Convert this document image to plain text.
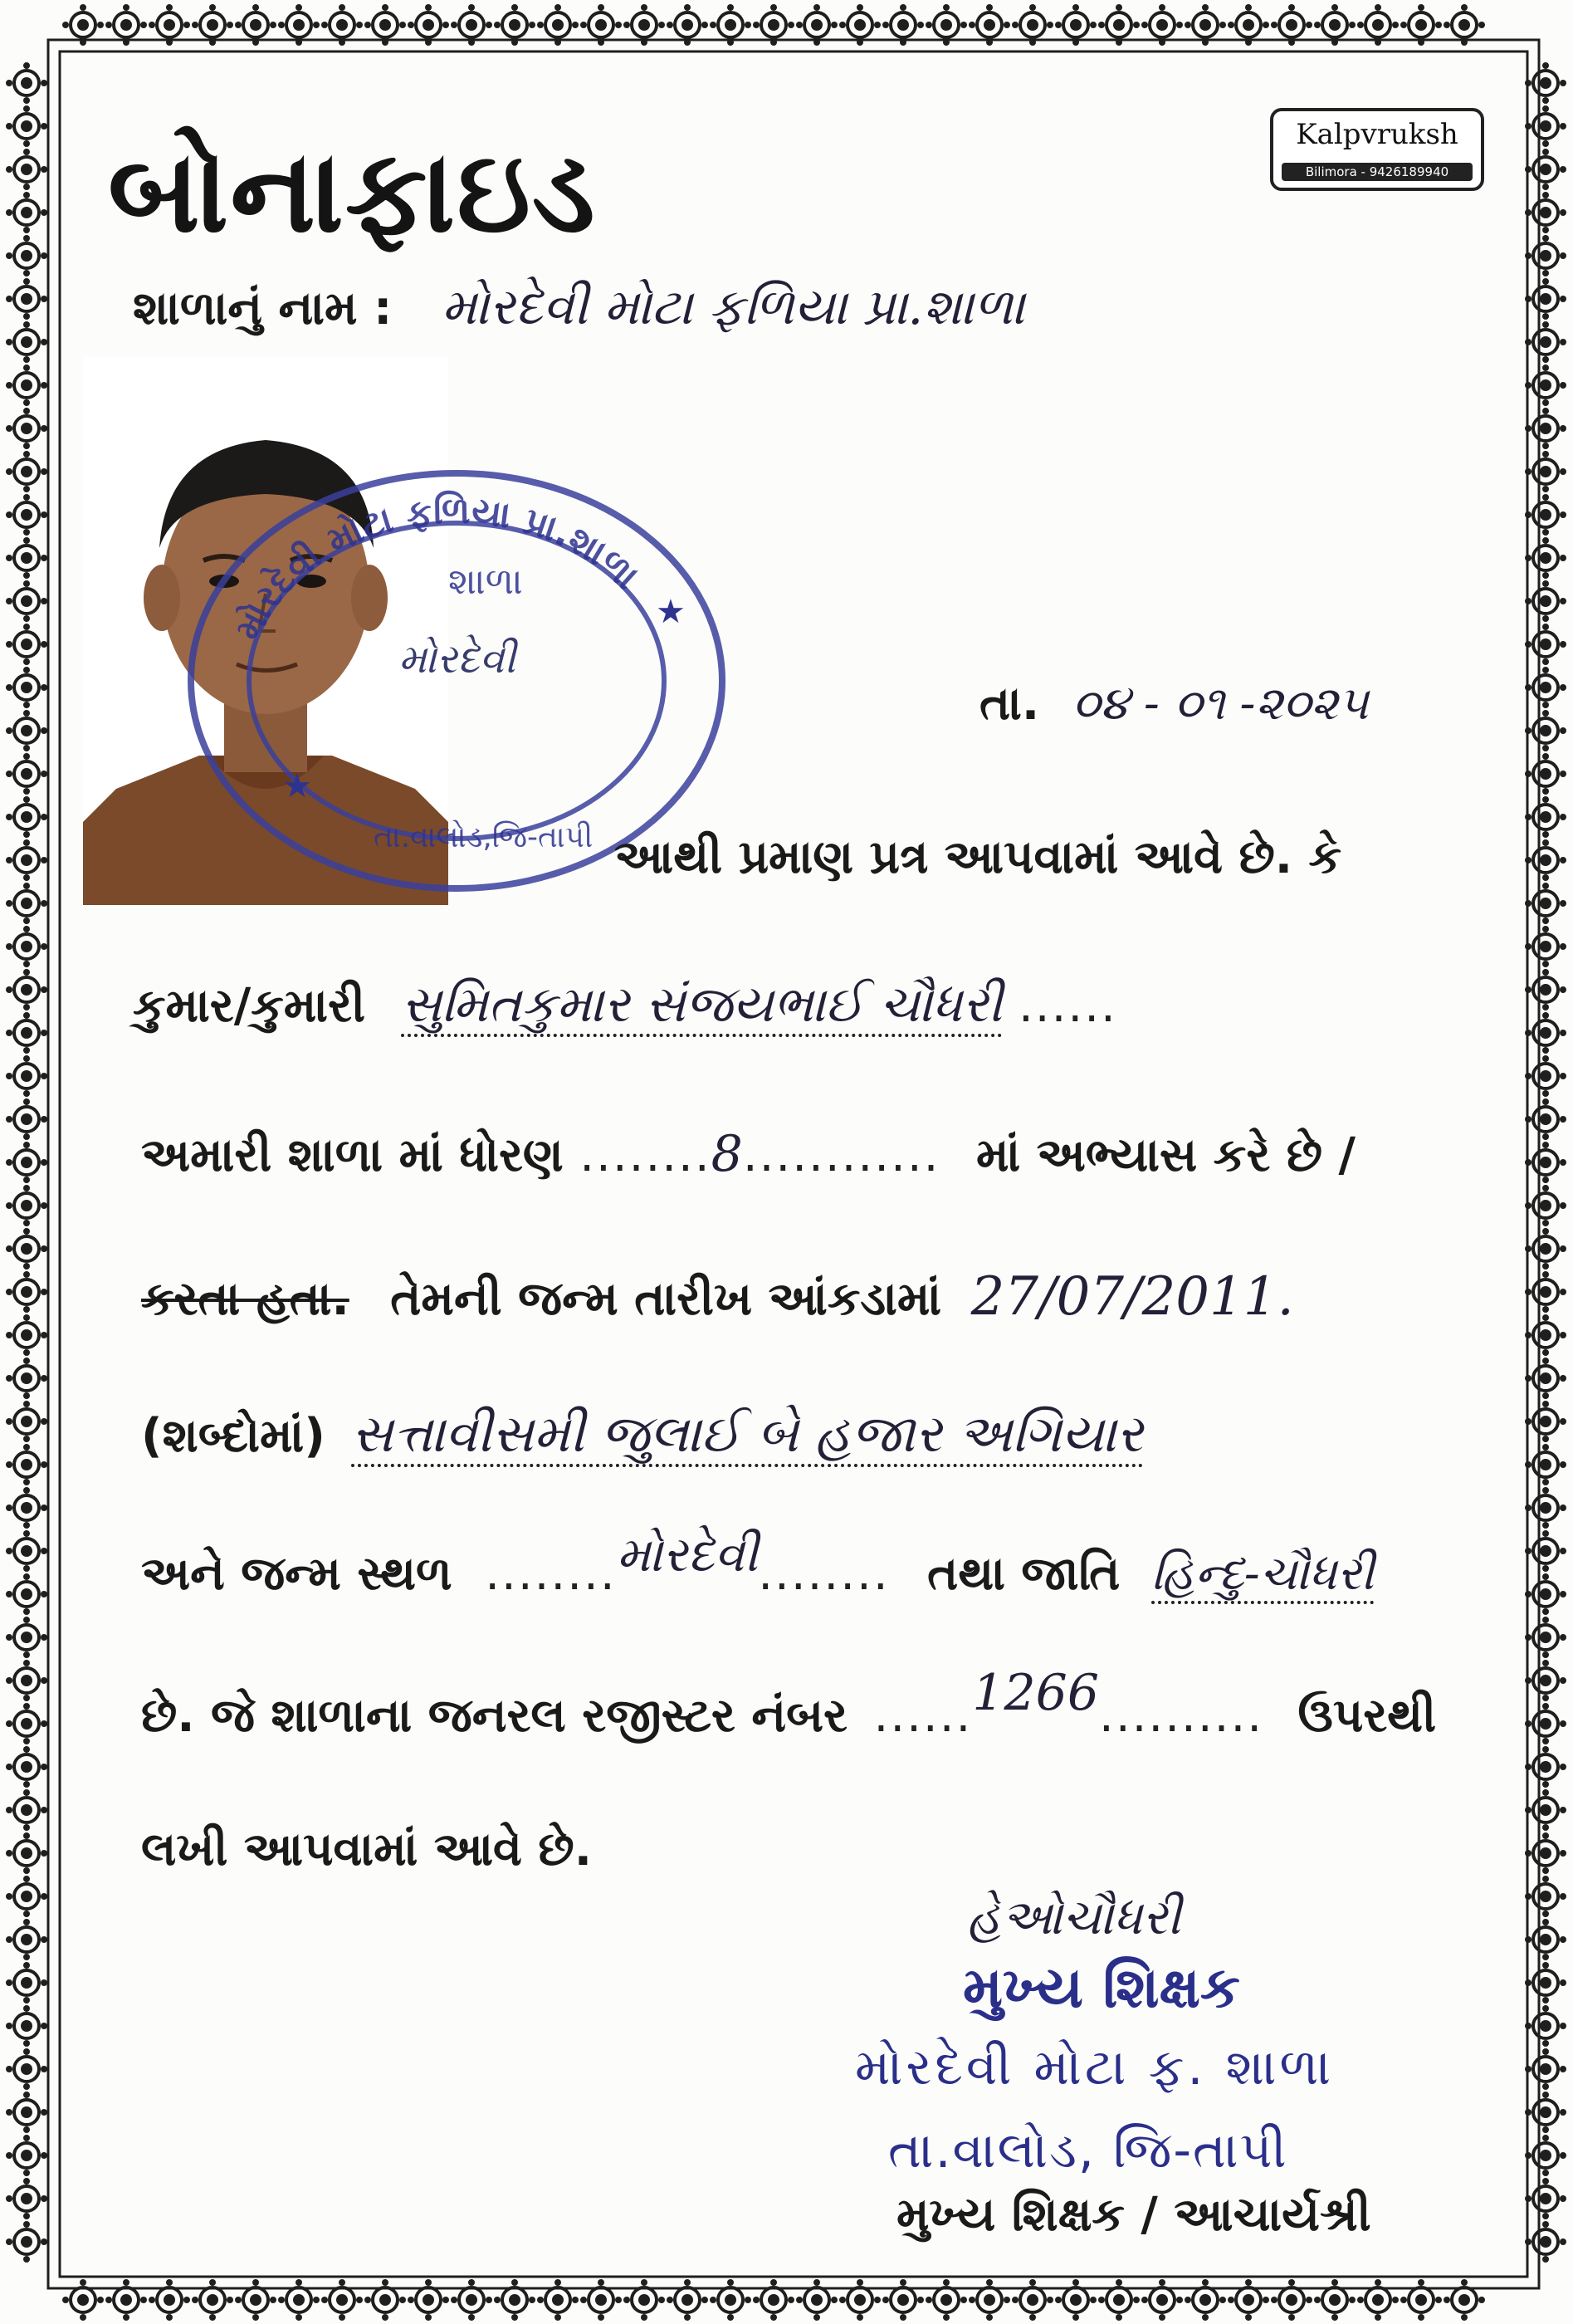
Kalpvruksh
Bilimora - 9426189940
બોનાફાઇડ
શાળાનું નામ : મોરદેવી મોટા ફળિયા પ્રા.શાળા
મોરદેવી મોટા ફળિયા પ્રા.શાળા
શાળા
મોરદેવી
તા.વાલોડ,જિ-તાપી
★
★
તા. ૦૪ - ૦૧ -૨૦૨૫
આથી પ્રમાણ પ્રત્ર આપવામાં આવે છે. કે
કુમાર/કુમારી સુમિતકુમાર સંજયભાઈ ચૌધરી ......
અમારી શાળા માં ધોરણ ........8............ માં અભ્યાસ કરે છે /
કરતા હતા. તેમની જન્મ તારીખ આંકડામાં 27/07/2011.
(શબ્દોમાં) સત્તાવીસમી જુલાઈ બે હજાર અગિયાર
અને જન્મ સ્થળ ........મોરદેવી........ તથા જાતિ હિન્દુ-ચૌધરી
છે. જે શાળાના જનરલ રજીસ્ટર નંબર ......1266.......... ઉપરથી
લખી આપવામાં આવે છે.
હેઓચૌધરી
મુખ્ય શિક્ષક
મોરદેવી મોટા ફ. શાળા
તા.વાલોડ, જિ-તાપી
મુખ્ય શિક્ષક / આચાર્યશ્રી
